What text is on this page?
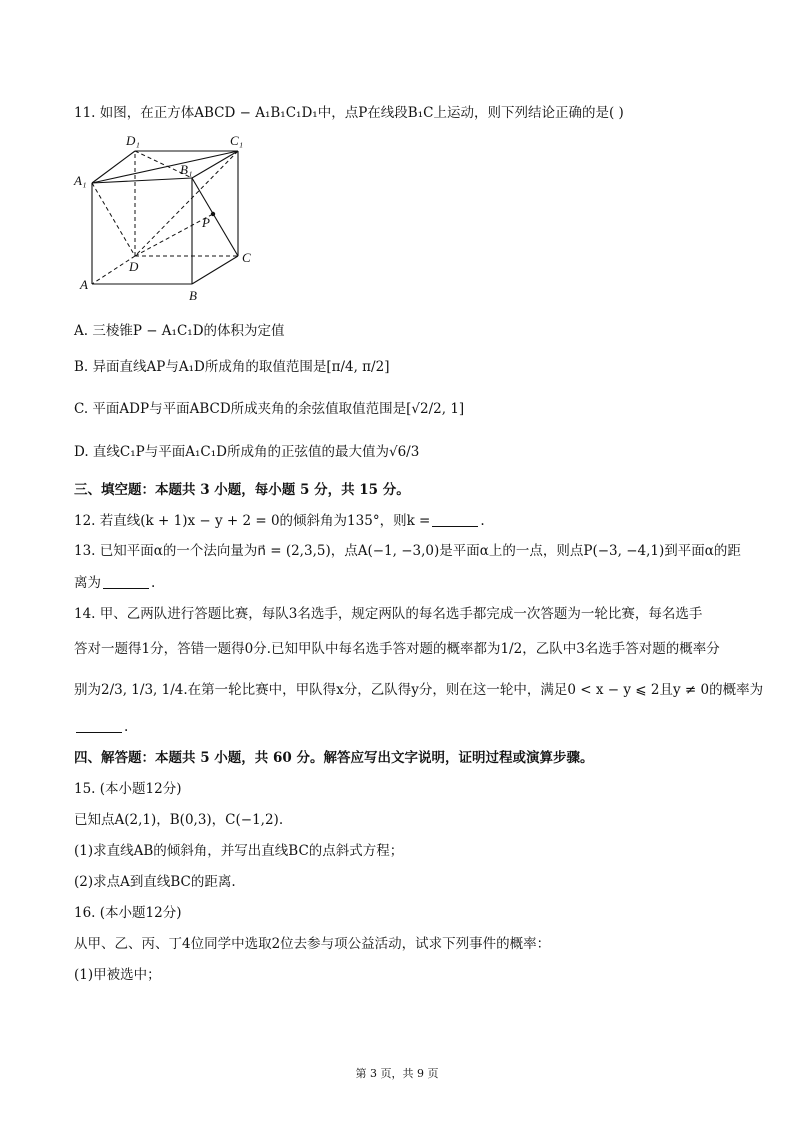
11. 如图，在正方体ABCD − A₁B₁C₁D₁中，点P在线段B₁C上运动，则下列结论正确的是( )
D₁	C₁
A₁
B₁
P
D
C
A
B
A. 三棱锥P − A₁C₁D的体积为定值
B. 异面直线AP与A₁D所成角的取值范围是[π/4, π/2]
C. 平面ADP与平面ABCD所成夹角的余弦值取值范围是[√2/2, 1]
D. 直线C₁P与平面A₁C₁D所成角的正弦值的最大值为√6/3
三、填空题：本题共 3 小题，每小题 5 分，共 15 分。
12. 若直线(k + 1)x − y + 2 = 0的倾斜角为135°，则k =	.
13. 已知平面α的一个法向量为n⃗ = (2,3,5)，点A(−1, −3,0)是平面α上的一点，则点P(−3, −4,1)到平面α的距
离为	.
14. 甲、乙两队进行答题比赛，每队3名选手，规定两队的每名选手都完成一次答题为一轮比赛，每名选手
答对一题得1分，答错一题得0分.已知甲队中每名选手答对题的概率都为1/2，乙队中3名选手答对题的概率分
别为2/3, 1/3, 1/4.在第一轮比赛中，甲队得x分，乙队得y分，则在这一轮中，满足0 < x − y ⩽ 2且y ≠ 0的概率为
.
四、解答题：本题共 5 小题，共 60 分。解答应写出文字说明，证明过程或演算步骤。
15. (本小题12分)
已知点A(2,1)，B(0,3)，C(−1,2).
(1)求直线AB的倾斜角，并写出直线BC的点斜式方程；
(2)求点A到直线BC的距离.
16. (本小题12分)
从甲、乙、丙、丁4位同学中选取2位去参与项公益活动，试求下列事件的概率：
(1)甲被选中；
第 3 页，共 9 页
